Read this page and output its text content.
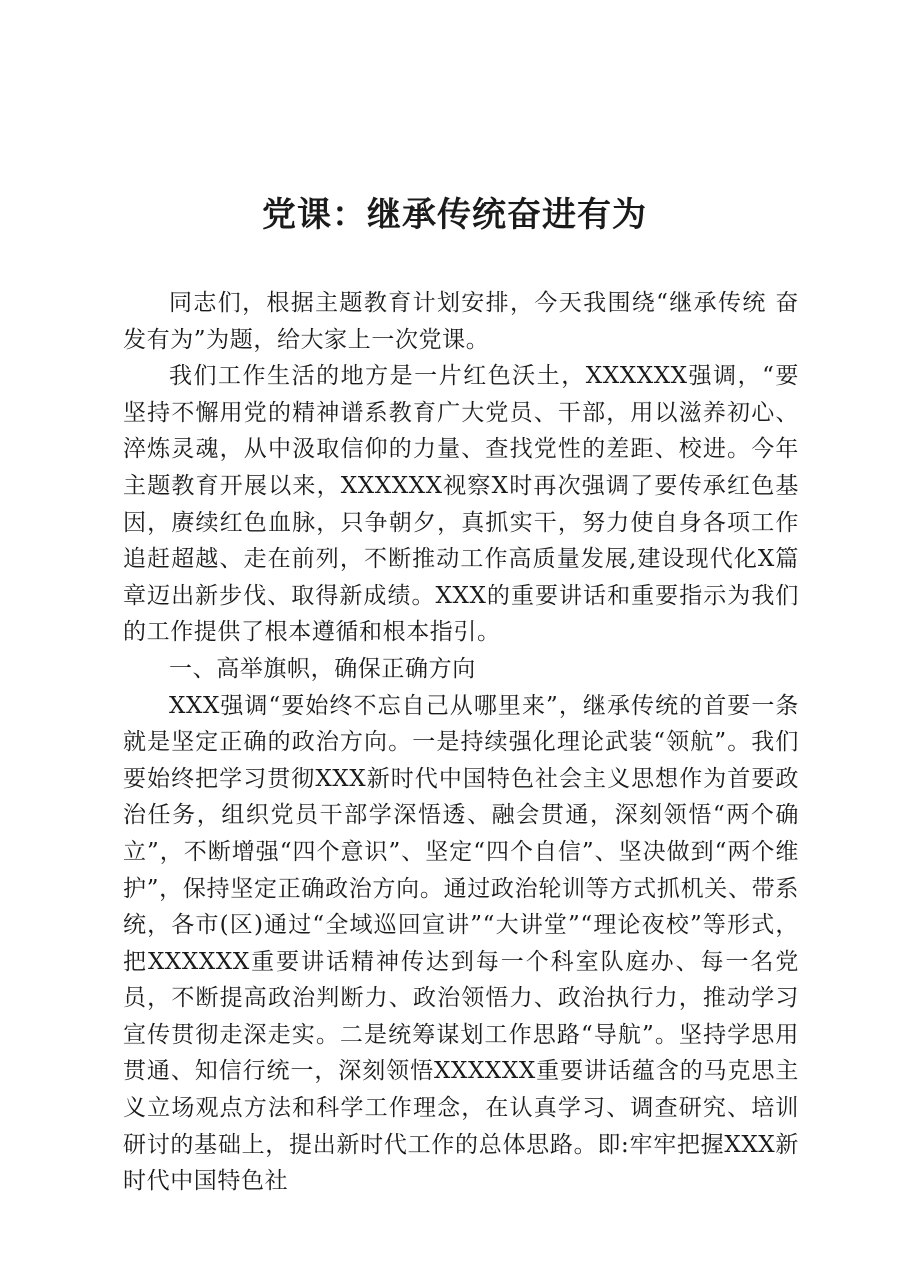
党课：继承传统奋进有为

同志们，根据主题教育计划安排，今天我围绕“继承传统 奋发有为”为题，给大家上一次党课。

我们工作生活的地方是一片红色沃土，XXXXXX强调，“要坚持不懈用党的精神谱系教育广大党员、干部，用以滋养初心、淬炼灵魂，从中汲取信仰的力量、查找党性的差距、校进。今年主题教育开展以来，XXXXXX视察X时再次强调了要传承红色基因，赓续红色血脉，只争朝夕，真抓实干，努力使自身各项工作追赶超越、走在前列，不断推动工作高质量发展,建设现代化X篇章迈出新步伐、取得新成绩。XXX的重要讲话和重要指示为我们的工作提供了根本遵循和根本指引。

一、高举旗帜，确保正确方向

XXX强调“要始终不忘自己从哪里来”，继承传统的首要一条就是坚定正确的政治方向。一是持续强化理论武装“领航”。我们要始终把学习贯彻XXX新时代中国特色社会主义思想作为首要政治任务，组织党员干部学深悟透、融会贯通，深刻领悟“两个确立”，不断增强“四个意识”、坚定“四个自信”、坚决做到“两个维护”，保持坚定正确政治方向。通过政治轮训等方式抓机关、带系统，各市(区)通过“全域巡回宣讲”“大讲堂”“理论夜校”等形式，把XXXXXX重要讲话精神传达到每一个科室队庭办、每一名党员，不断提高政治判断力、政治领悟力、政治执行力，推动学习宣传贯彻走深走实。二是统筹谋划工作思路“导航”。坚持学思用贯通、知信行统一，深刻领悟XXXXXX重要讲话蕴含的马克思主义立场观点方法和科学工作理念，在认真学习、调查研究、培训研讨的基础上，提出新时代工作的总体思路。即:牢牢把握XXX新时代中国特色社
